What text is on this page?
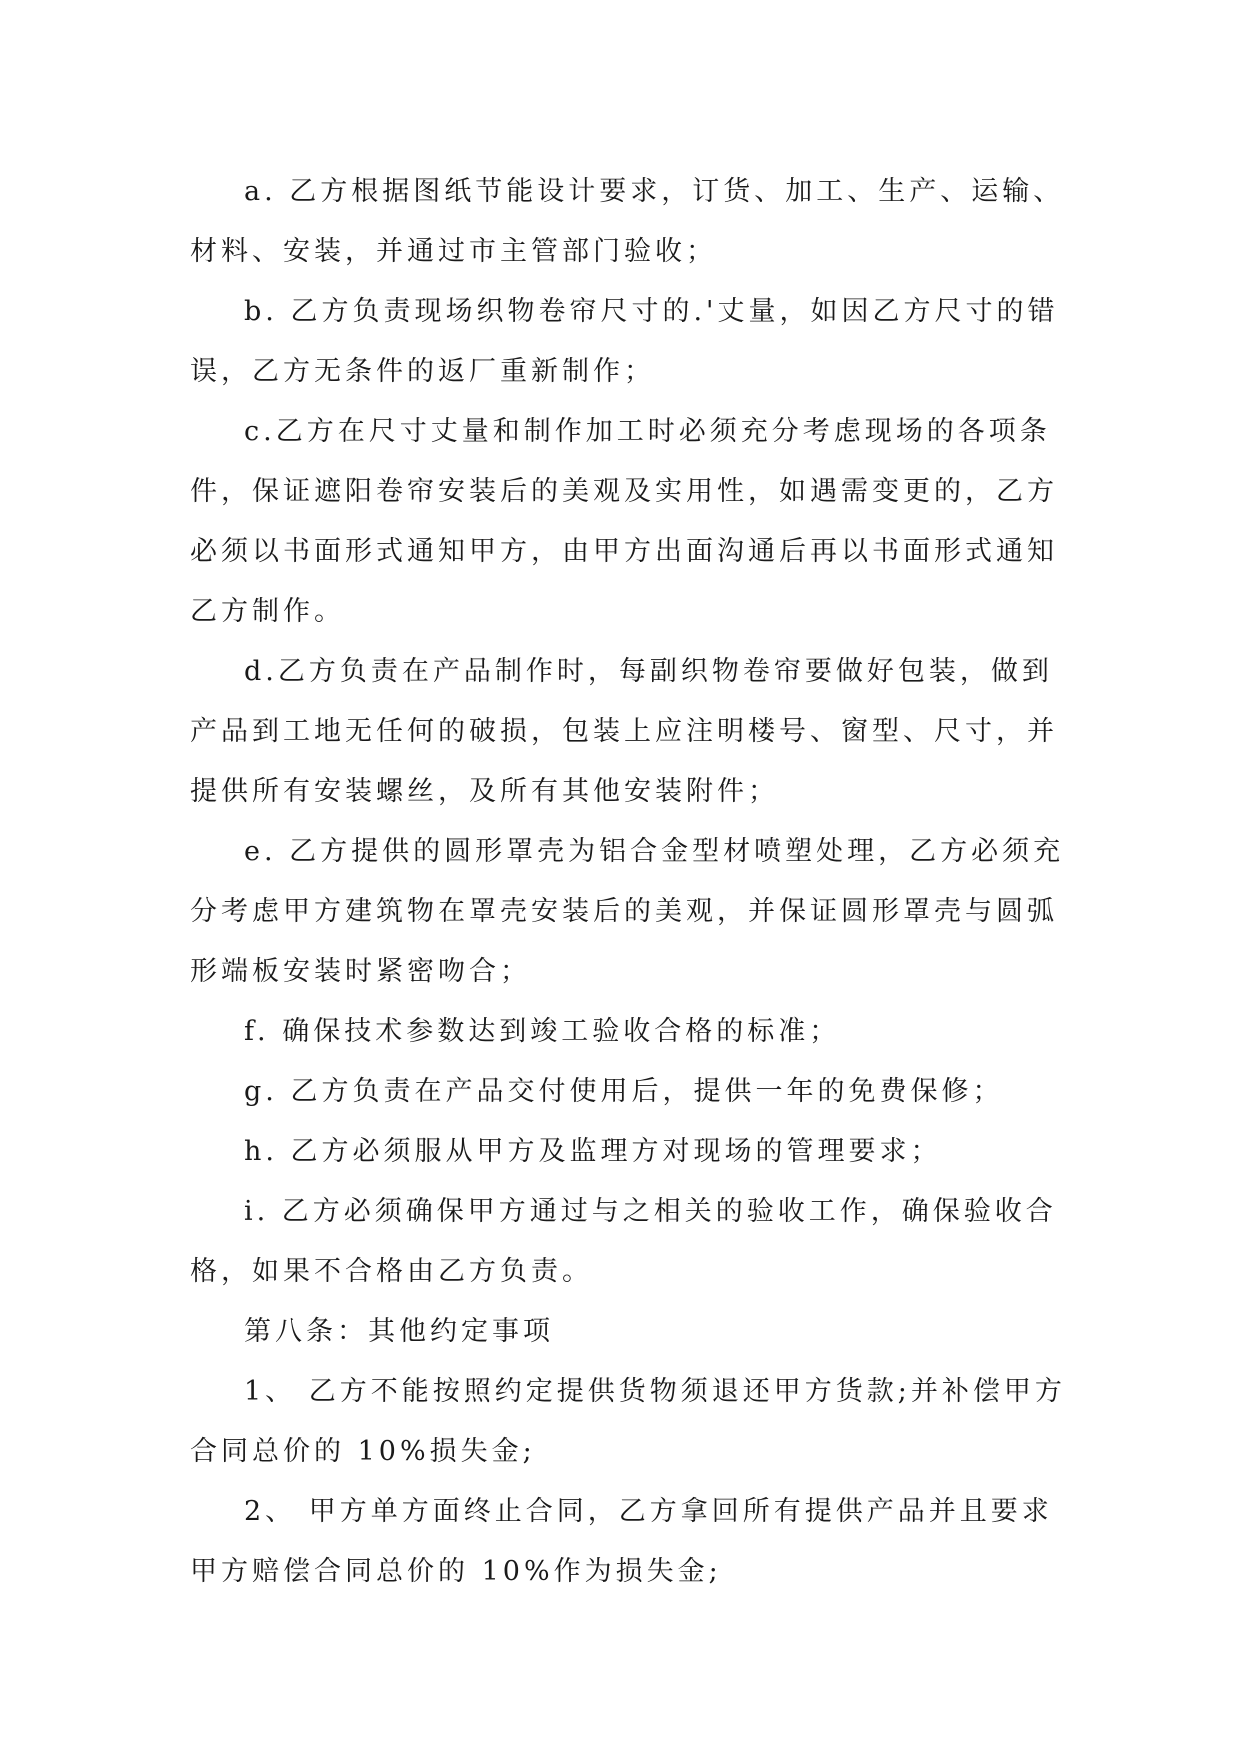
a. 乙方根据图纸节能设计要求，订货、加工、生产、运输、材料、安装，并通过市主管部门验收；

b. 乙方负责现场织物卷帘尺寸的.'丈量，如因乙方尺寸的错误，乙方无条件的返厂重新制作；

c.乙方在尺寸丈量和制作加工时必须充分考虑现场的各项条件，保证遮阳卷帘安装后的美观及实用性，如遇需变更的，乙方必须以书面形式通知甲方，由甲方出面沟通后再以书面形式通知乙方制作。

d.乙方负责在产品制作时，每副织物卷帘要做好包装，做到产品到工地无任何的破损，包装上应注明楼号、窗型、尺寸，并提供所有安装螺丝，及所有其他安装附件；

e. 乙方提供的圆形罩壳为铝合金型材喷塑处理，乙方必须充分考虑甲方建筑物在罩壳安装后的美观，并保证圆形罩壳与圆弧形端板安装时紧密吻合；

f. 确保技术参数达到竣工验收合格的标准；

g. 乙方负责在产品交付使用后，提供一年的免费保修；

h. 乙方必须服从甲方及监理方对现场的管理要求；

i. 乙方必须确保甲方通过与之相关的验收工作，确保验收合格，如果不合格由乙方负责。

第八条：其他约定事项

1、 乙方不能按照约定提供货物须退还甲方货款;并补偿甲方合同总价的 10%损失金;

2、 甲方单方面终止合同，乙方拿回所有提供产品并且要求甲方赔偿合同总价的 10%作为损失金;
